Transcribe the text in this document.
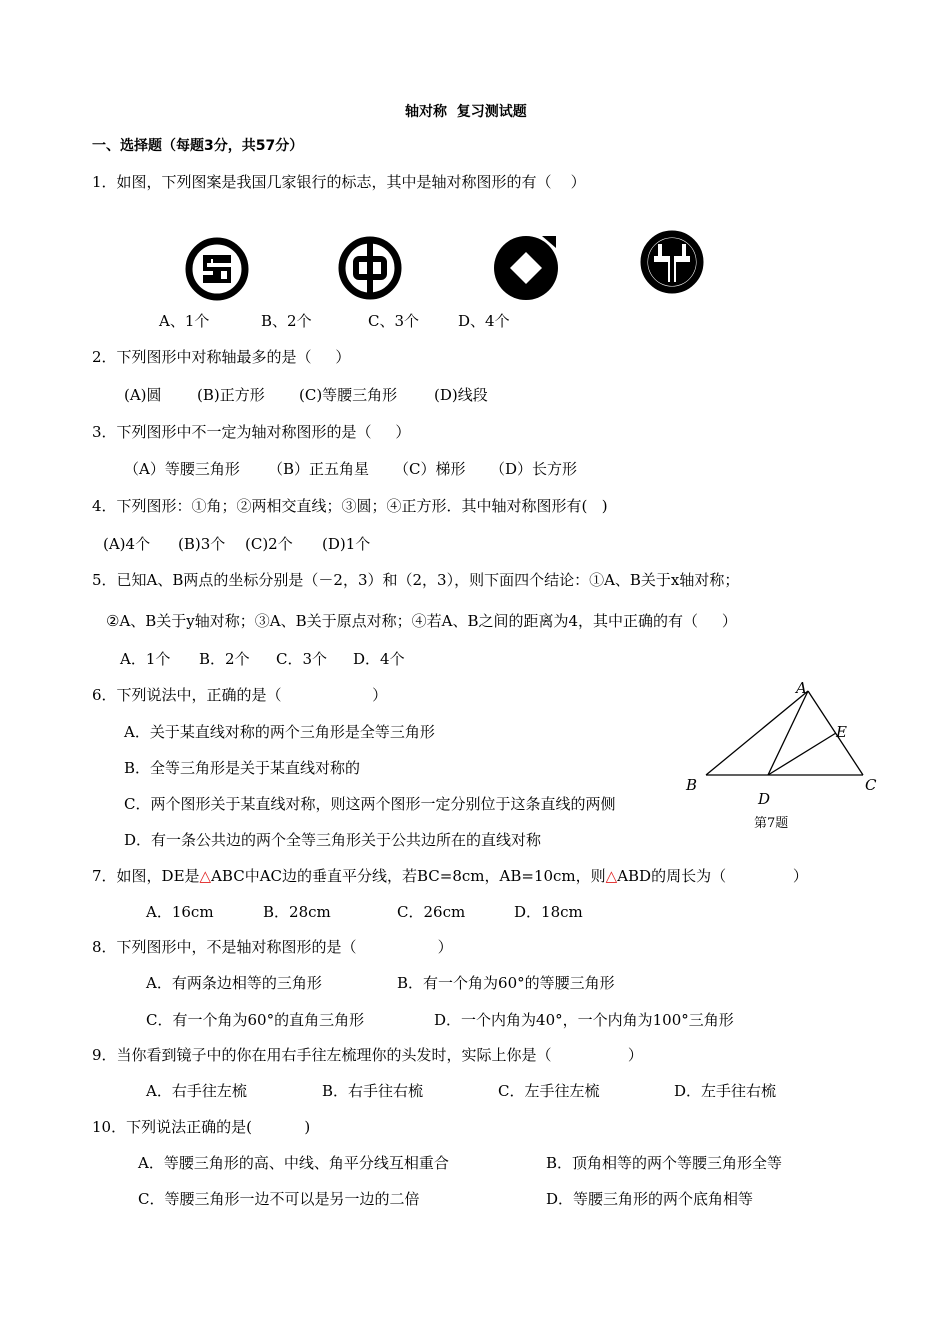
轴对称  复习测试题
一、选择题（每题3分，共57分）
1．如图，下列图案是我国几家银行的标志，其中是轴对称图形的有（    ）
A、1个	B、2个	C、3个	D、4个
2．下列图形中对称轴最多的是（     ）
(A)圆 (B)正方形 (C)等腰三角形 (D)线段
3．下列图形中不一定为轴对称图形的是（     ）
（A）等腰三角形 （B）正五角星 （C）梯形 （D）长方形
4．下列图形：①角；②两相交直线；③圆；④正方形．其中轴对称图形有(   )
(A)4个 (B)3个 (C)2个 (D)1个
5．已知A、B两点的坐标分别是（－2，3）和（2，3），则下面四个结论：①A、B关于x轴对称；
②A、B关于y轴对称；③A、B关于原点对称；④若A、B之间的距离为4，其中正确的有（     ）
A．1个 B．2个 C．3个 D．4个
6．下列说法中，正确的是（                   ）
A．关于某直线对称的两个三角形是全等三角形
B．全等三角形是关于某直线对称的
C．两个图形关于某直线对称，则这两个图形一定分别位于这条直线的两侧
D．有一条公共边的两个全等三角形关于公共边所在的直线对称
A
B	C
D
E
第7题
7．如图，DE是△ABC中AC边的垂直平分线，若BC=8cm，AB=10cm，则△ABD的周长为（              ）
A．16cm	B．28cm	C．26cm	D．18cm
8．下列图形中，不是轴对称图形的是（                 ）
A．有两条边相等的三角形	B．有一个角为60°的等腰三角形
C．有一个角为60°的直角三角形	D．一个内角为40°，一个内角为100°三角形
9．当你看到镜子中的你在用右手往左梳理你的头发时，实际上你是（                ）
A．右手往左梳	B．右手往右梳	C．左手往左梳	D．左手往右梳
10．下列说法正确的是(           )
A．等腰三角形的高、中线、角平分线互相重合	B．顶角相等的两个等腰三角形全等
C．等腰三角形一边不可以是另一边的二倍	D．等腰三角形的两个底角相等
